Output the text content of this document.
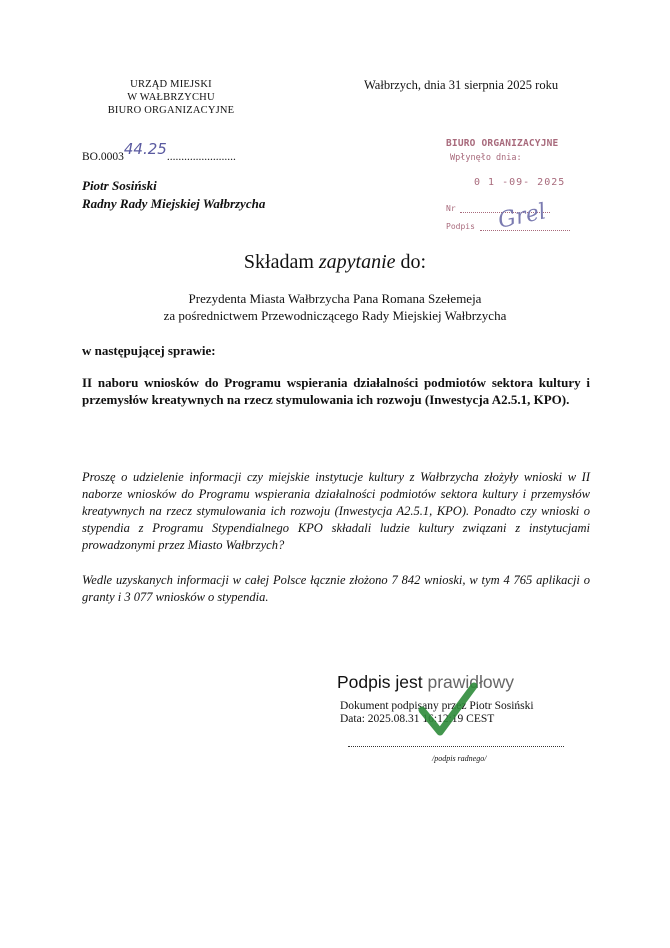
URZĄD MIEJSKI
W WAŁBRZYCHU
BIURO ORGANIZACYJNE
Wałbrzych, dnia 31 sierpnia 2025 roku
BO.000344.25........................
BIURO ORGANIZACYJNE
Wpłynęło dnia:
0 1 -09- 2025
Nr
Podpis Grel
Piotr Sosiński
Radny Rady Miejskiej Wałbrzycha
Składam zapytanie do:
Prezydenta Miasta Wałbrzycha Pana Romana Szełemeja
za pośrednictwem Przewodniczącego Rady Miejskiej Wałbrzycha
w następującej sprawie:
II naboru wniosków do Programu wspierania działalności podmiotów sektora kultury i przemysłów kreatywnych na rzecz stymulowania ich rozwoju (Inwestycja A2.5.1, KPO).
Proszę o udzielenie informacji czy miejskie instytucje kultury z Wałbrzycha złożyły wnioski w II naborze wniosków do Programu wspierania działalności podmiotów sektora kultury i przemysłów kreatywnych na rzecz stymulowania ich rozwoju (Inwestycja A2.5.1, KPO). Ponadto czy wnioski o stypendia z Programu Stypendialnego KPO składali ludzie kultury związani z instytucjami prowadzonymi przez Miasto Wałbrzych?
Wedle uzyskanych informacji w całej Polsce łącznie złożono 7 842 wnioski, w tym 4 765 aplikacji o granty i 3 077 wniosków o stypendia.
Podpis jest prawidłowy
Dokument podpisany przez Piotr Sosiński
Data: 2025.08.31 16:12:19 CEST
/podpis radnego/
